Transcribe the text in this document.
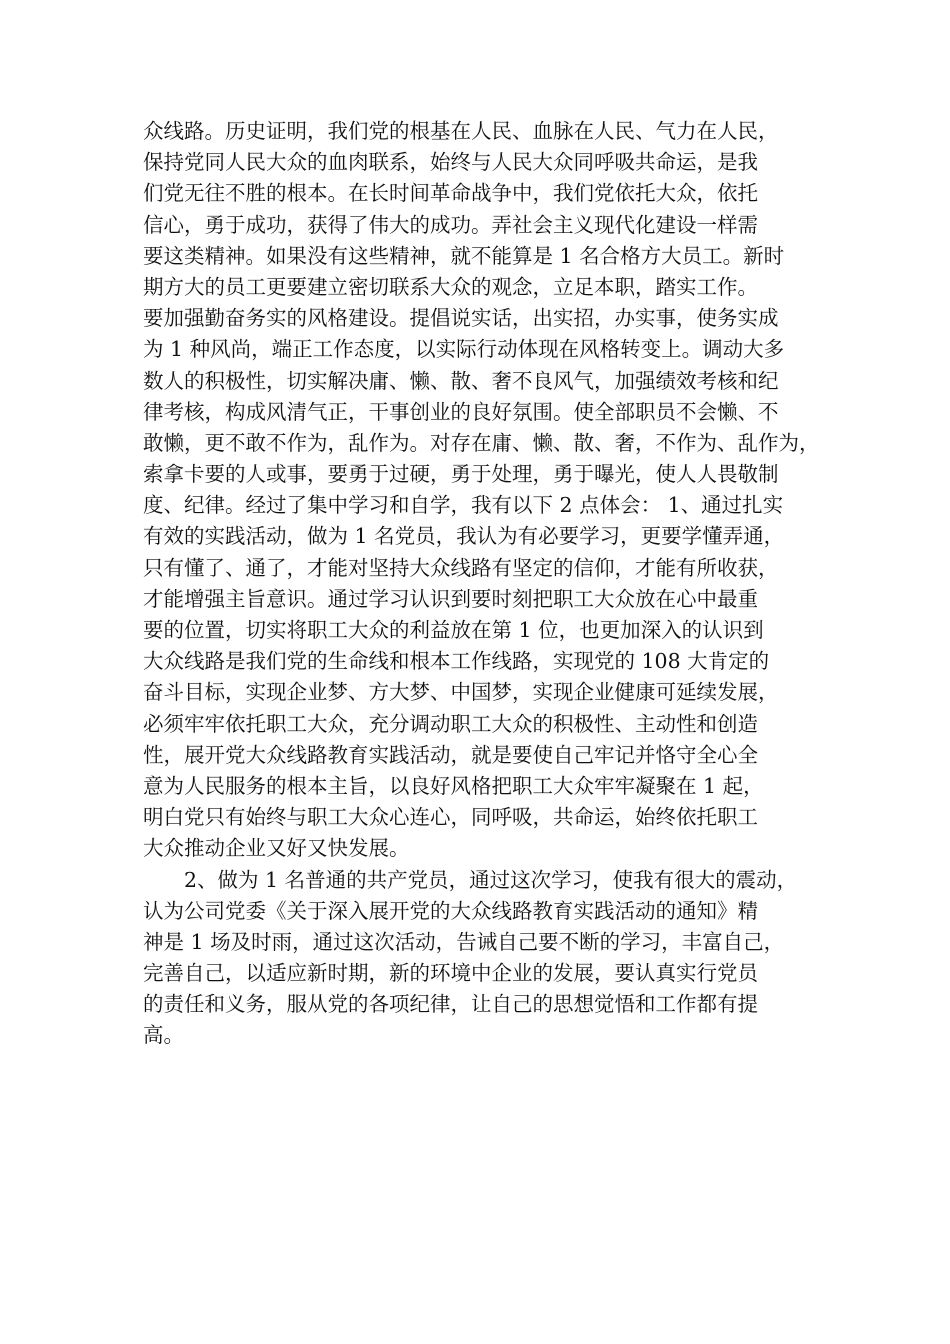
众线路。历史证明，我们党的根基在人民、血脉在人民、气力在人民，
保持党同人民大众的血肉联系，始终与人民大众同呼吸共命运，是我
们党无往不胜的根本。在长时间革命战争中，我们党依托大众，依托
信心，勇于成功，获得了伟大的成功。弄社会主义现代化建设一样需
要这类精神。如果没有这些精神，就不能算是 1 名合格方大员工。新时
期方大的员工更要建立密切联系大众的观念，立足本职，踏实工作。
要加强勤奋务实的风格建设。提倡说实话，出实招，办实事，使务实成
为 1 种风尚，端正工作态度，以实际行动体现在风格转变上。调动大多
数人的积极性，切实解决庸、懒、散、奢不良风气，加强绩效考核和纪
律考核，构成风清气正，干事创业的良好氛围。使全部职员不会懒、不
敢懒，更不敢不作为，乱作为。对存在庸、懒、散、奢，不作为、乱作为，
索拿卡要的人或事，要勇于过硬，勇于处理，勇于曝光，使人人畏敬制
度、纪律。经过了集中学习和自学，我有以下 2 点体会： 1、通过扎实
有效的实践活动，做为 1 名党员，我认为有必要学习，更要学懂弄通，
只有懂了、通了，才能对坚持大众线路有坚定的信仰，才能有所收获，
才能增强主旨意识。通过学习认识到要时刻把职工大众放在心中最重
要的位置，切实将职工大众的利益放在第 1 位，也更加深入的认识到
大众线路是我们党的生命线和根本工作线路，实现党的 108 大肯定的
奋斗目标，实现企业梦、方大梦、中国梦，实现企业健康可延续发展，
必须牢牢依托职工大众，充分调动职工大众的积极性、主动性和创造
性，展开党大众线路教育实践活动，就是要使自己牢记并恪守全心全
意为人民服务的根本主旨，以良好风格把职工大众牢牢凝聚在 1 起，
明白党只有始终与职工大众心连心，同呼吸，共命运，始终依托职工
大众推动企业又好又快发展。
2、做为 1 名普通的共产党员，通过这次学习，使我有很大的震动，
认为公司党委《关于深入展开党的大众线路教育实践活动的通知》精
神是 1 场及时雨，通过这次活动，告诫自己要不断的学习，丰富自己，
完善自己，以适应新时期，新的环境中企业的发展，要认真实行党员
的责任和义务，服从党的各项纪律，让自己的思想觉悟和工作都有提
高。
